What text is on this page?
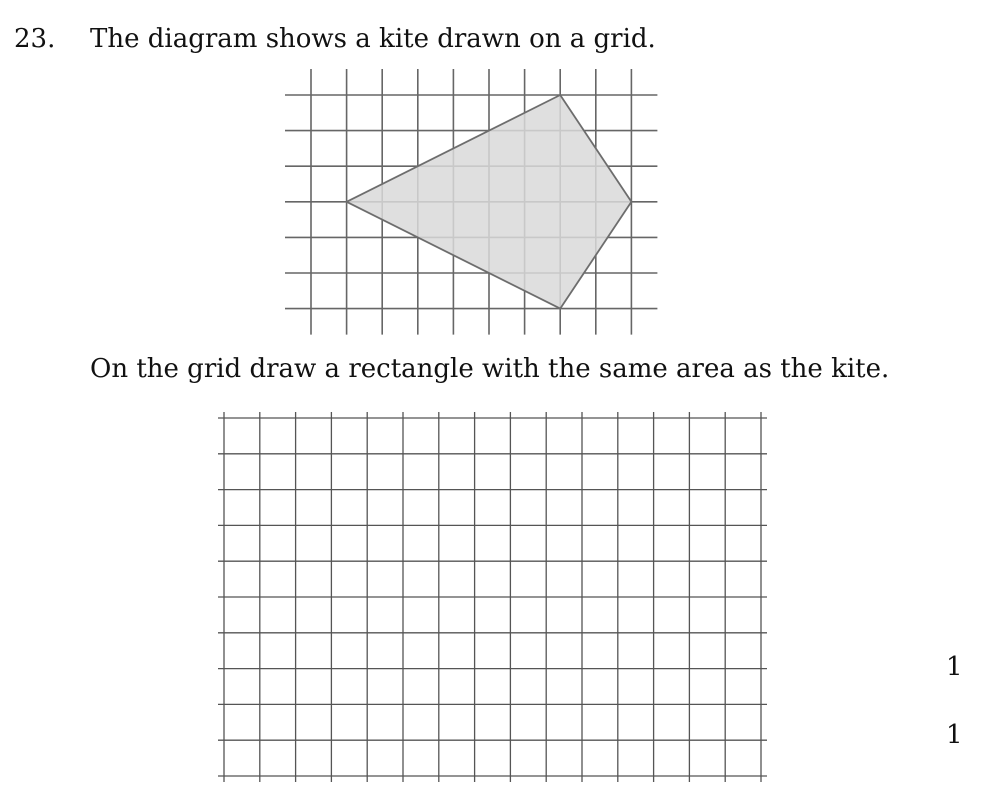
23. The diagram shows a kite drawn on a grid.
On the grid draw a rectangle with the same area as the kite.
1
1
